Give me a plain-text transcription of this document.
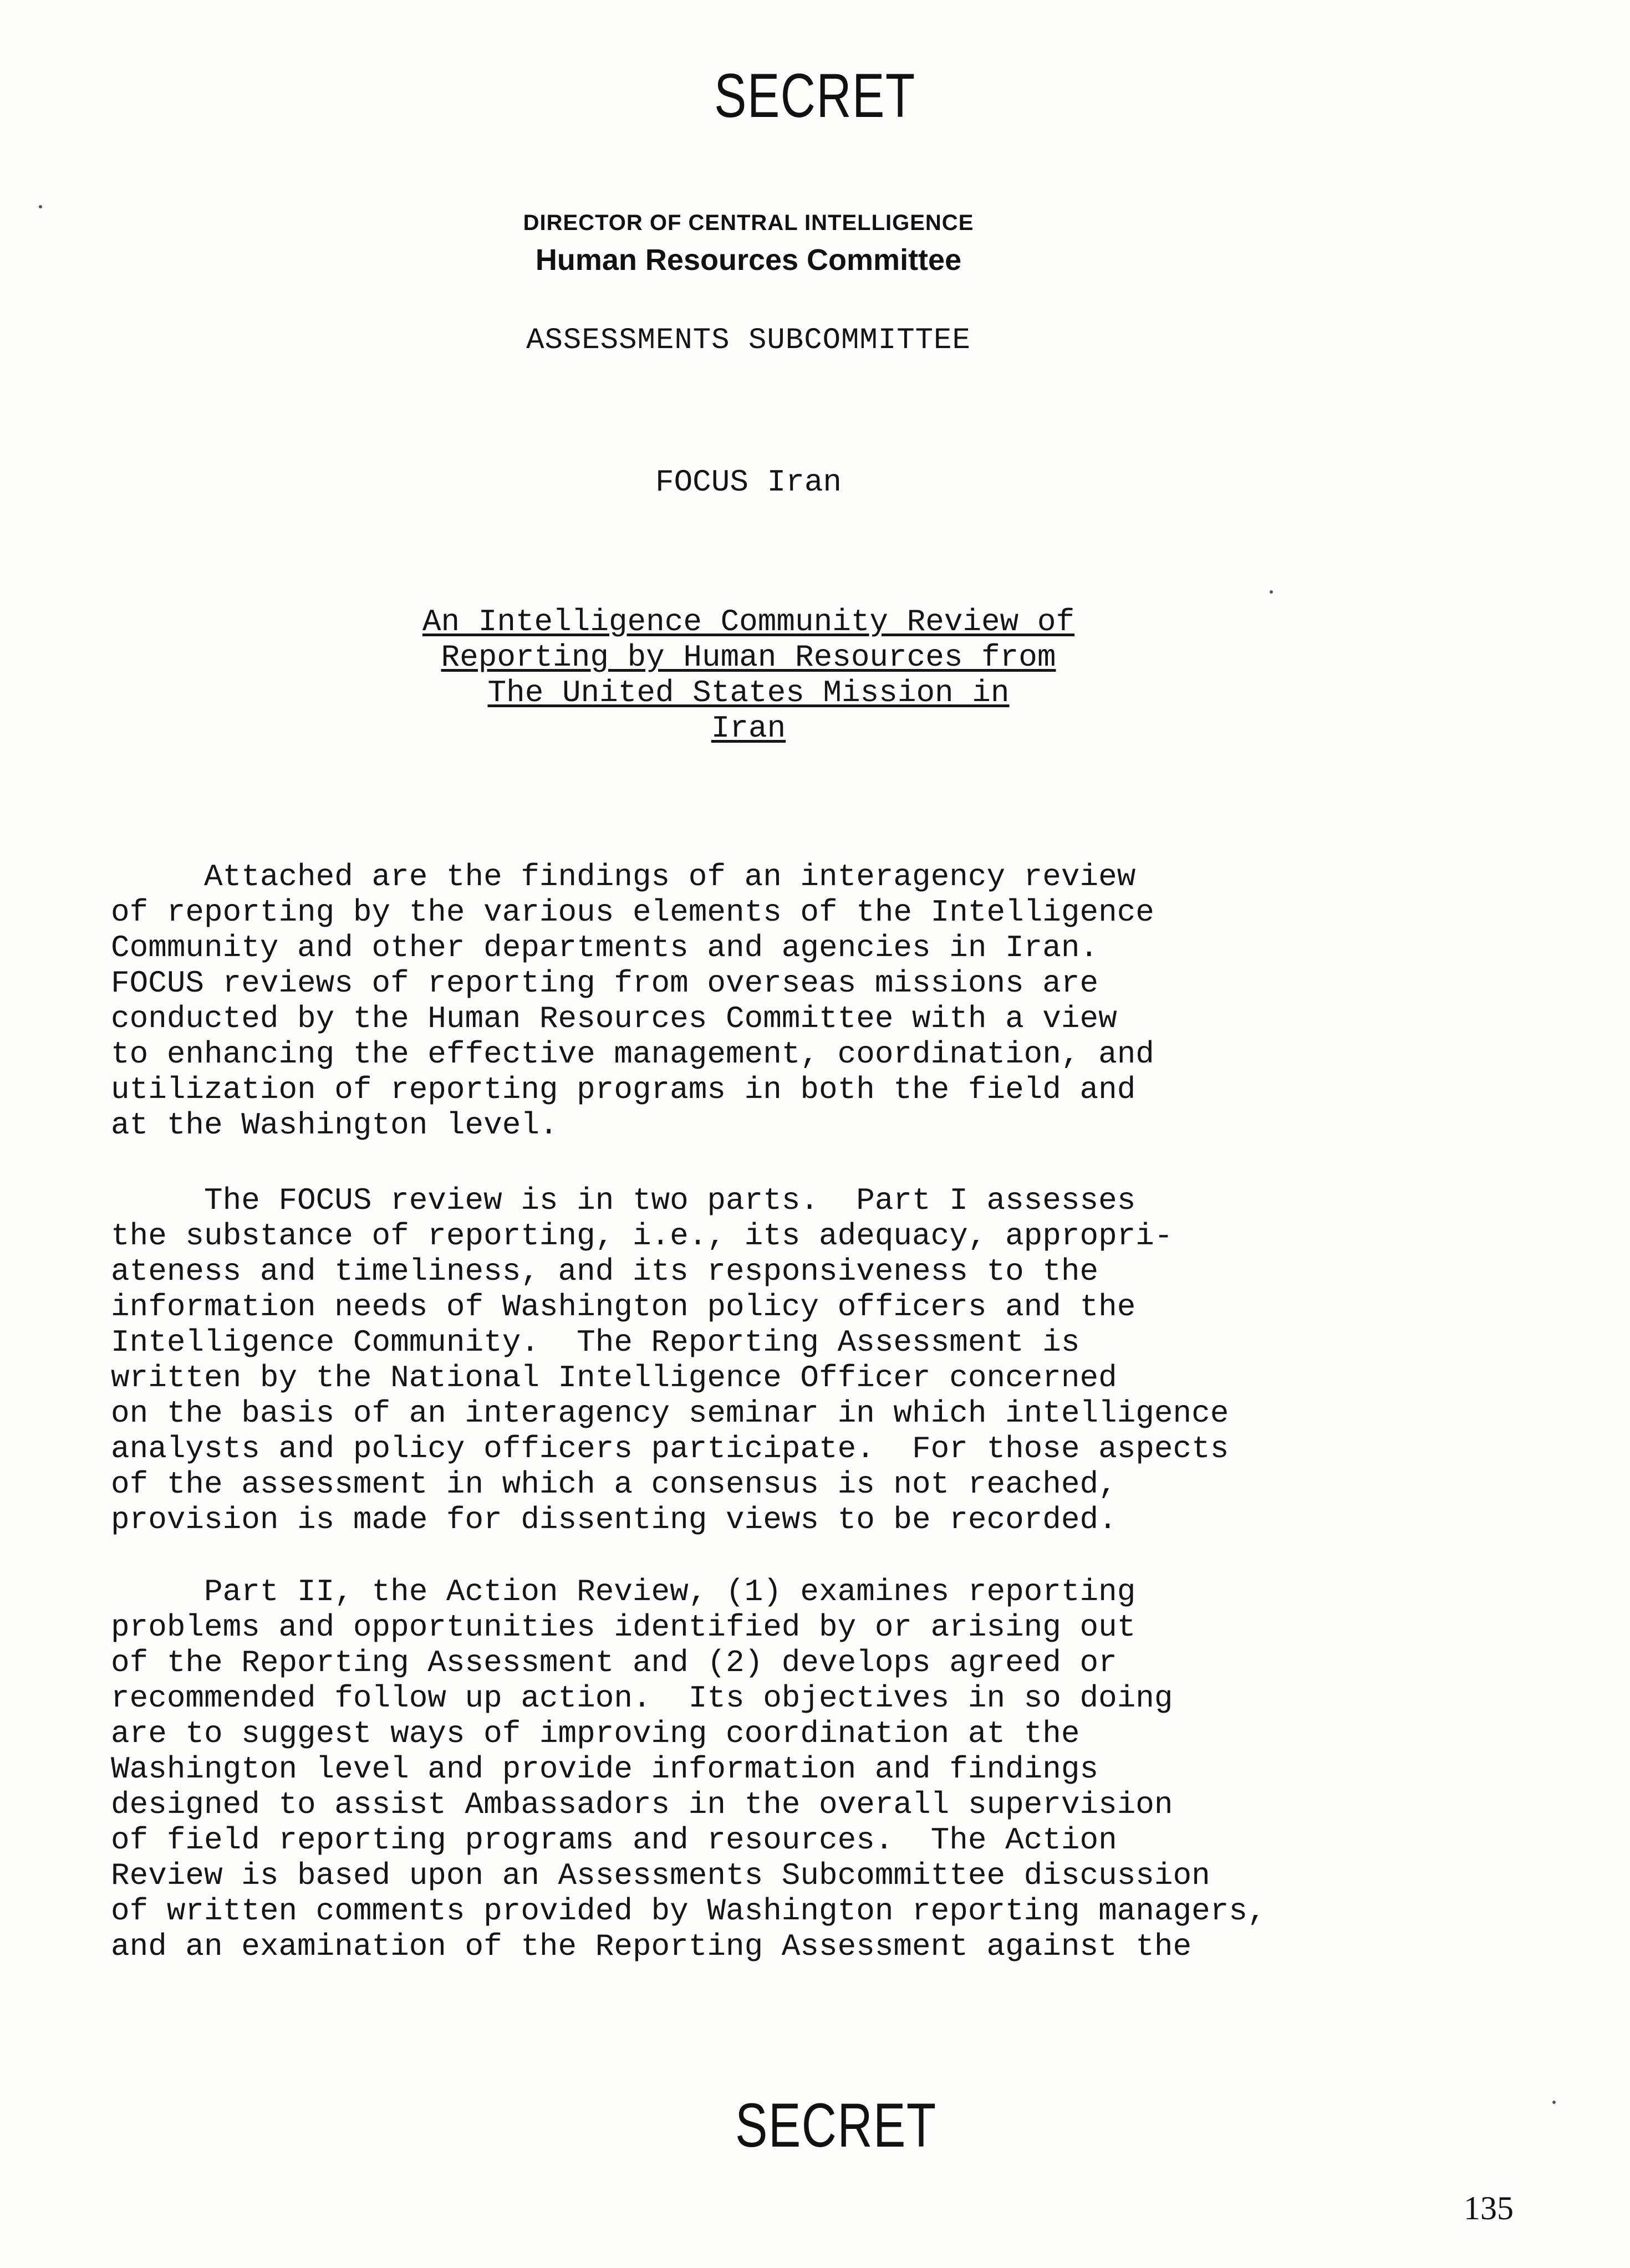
SECRET
DIRECTOR OF CENTRAL INTELLIGENCE
Human Resources Committee
ASSESSMENTS SUBCOMMITTEE
FOCUS Iran
An Intelligence Community Review of
Reporting by Human Resources from
The United States Mission in
Iran
Attached are the findings of an interagency review
of reporting by the various elements of the Intelligence
Community and other departments and agencies in Iran.
FOCUS reviews of reporting from overseas missions are
conducted by the Human Resources Committee with a view
to enhancing the effective management, coordination, and
utilization of reporting programs in both the field and
at the Washington level.
The FOCUS review is in two parts.  Part I assesses
the substance of reporting, i.e., its adequacy, appropri-
ateness and timeliness, and its responsiveness to the
information needs of Washington policy officers and the
Intelligence Community.  The Reporting Assessment is
written by the National Intelligence Officer concerned
on the basis of an interagency seminar in which intelligence
analysts and policy officers participate.  For those aspects
of the assessment in which a consensus is not reached,
provision is made for dissenting views to be recorded.
Part II, the Action Review, (1) examines reporting
problems and opportunities identified by or arising out
of the Reporting Assessment and (2) develops agreed or
recommended follow up action.  Its objectives in so doing
are to suggest ways of improving coordination at the
Washington level and provide information and findings
designed to assist Ambassadors in the overall supervision
of field reporting programs and resources.  The Action
Review is based upon an Assessments Subcommittee discussion
of written comments provided by Washington reporting managers,
and an examination of the Reporting Assessment against the
SECRET
135
